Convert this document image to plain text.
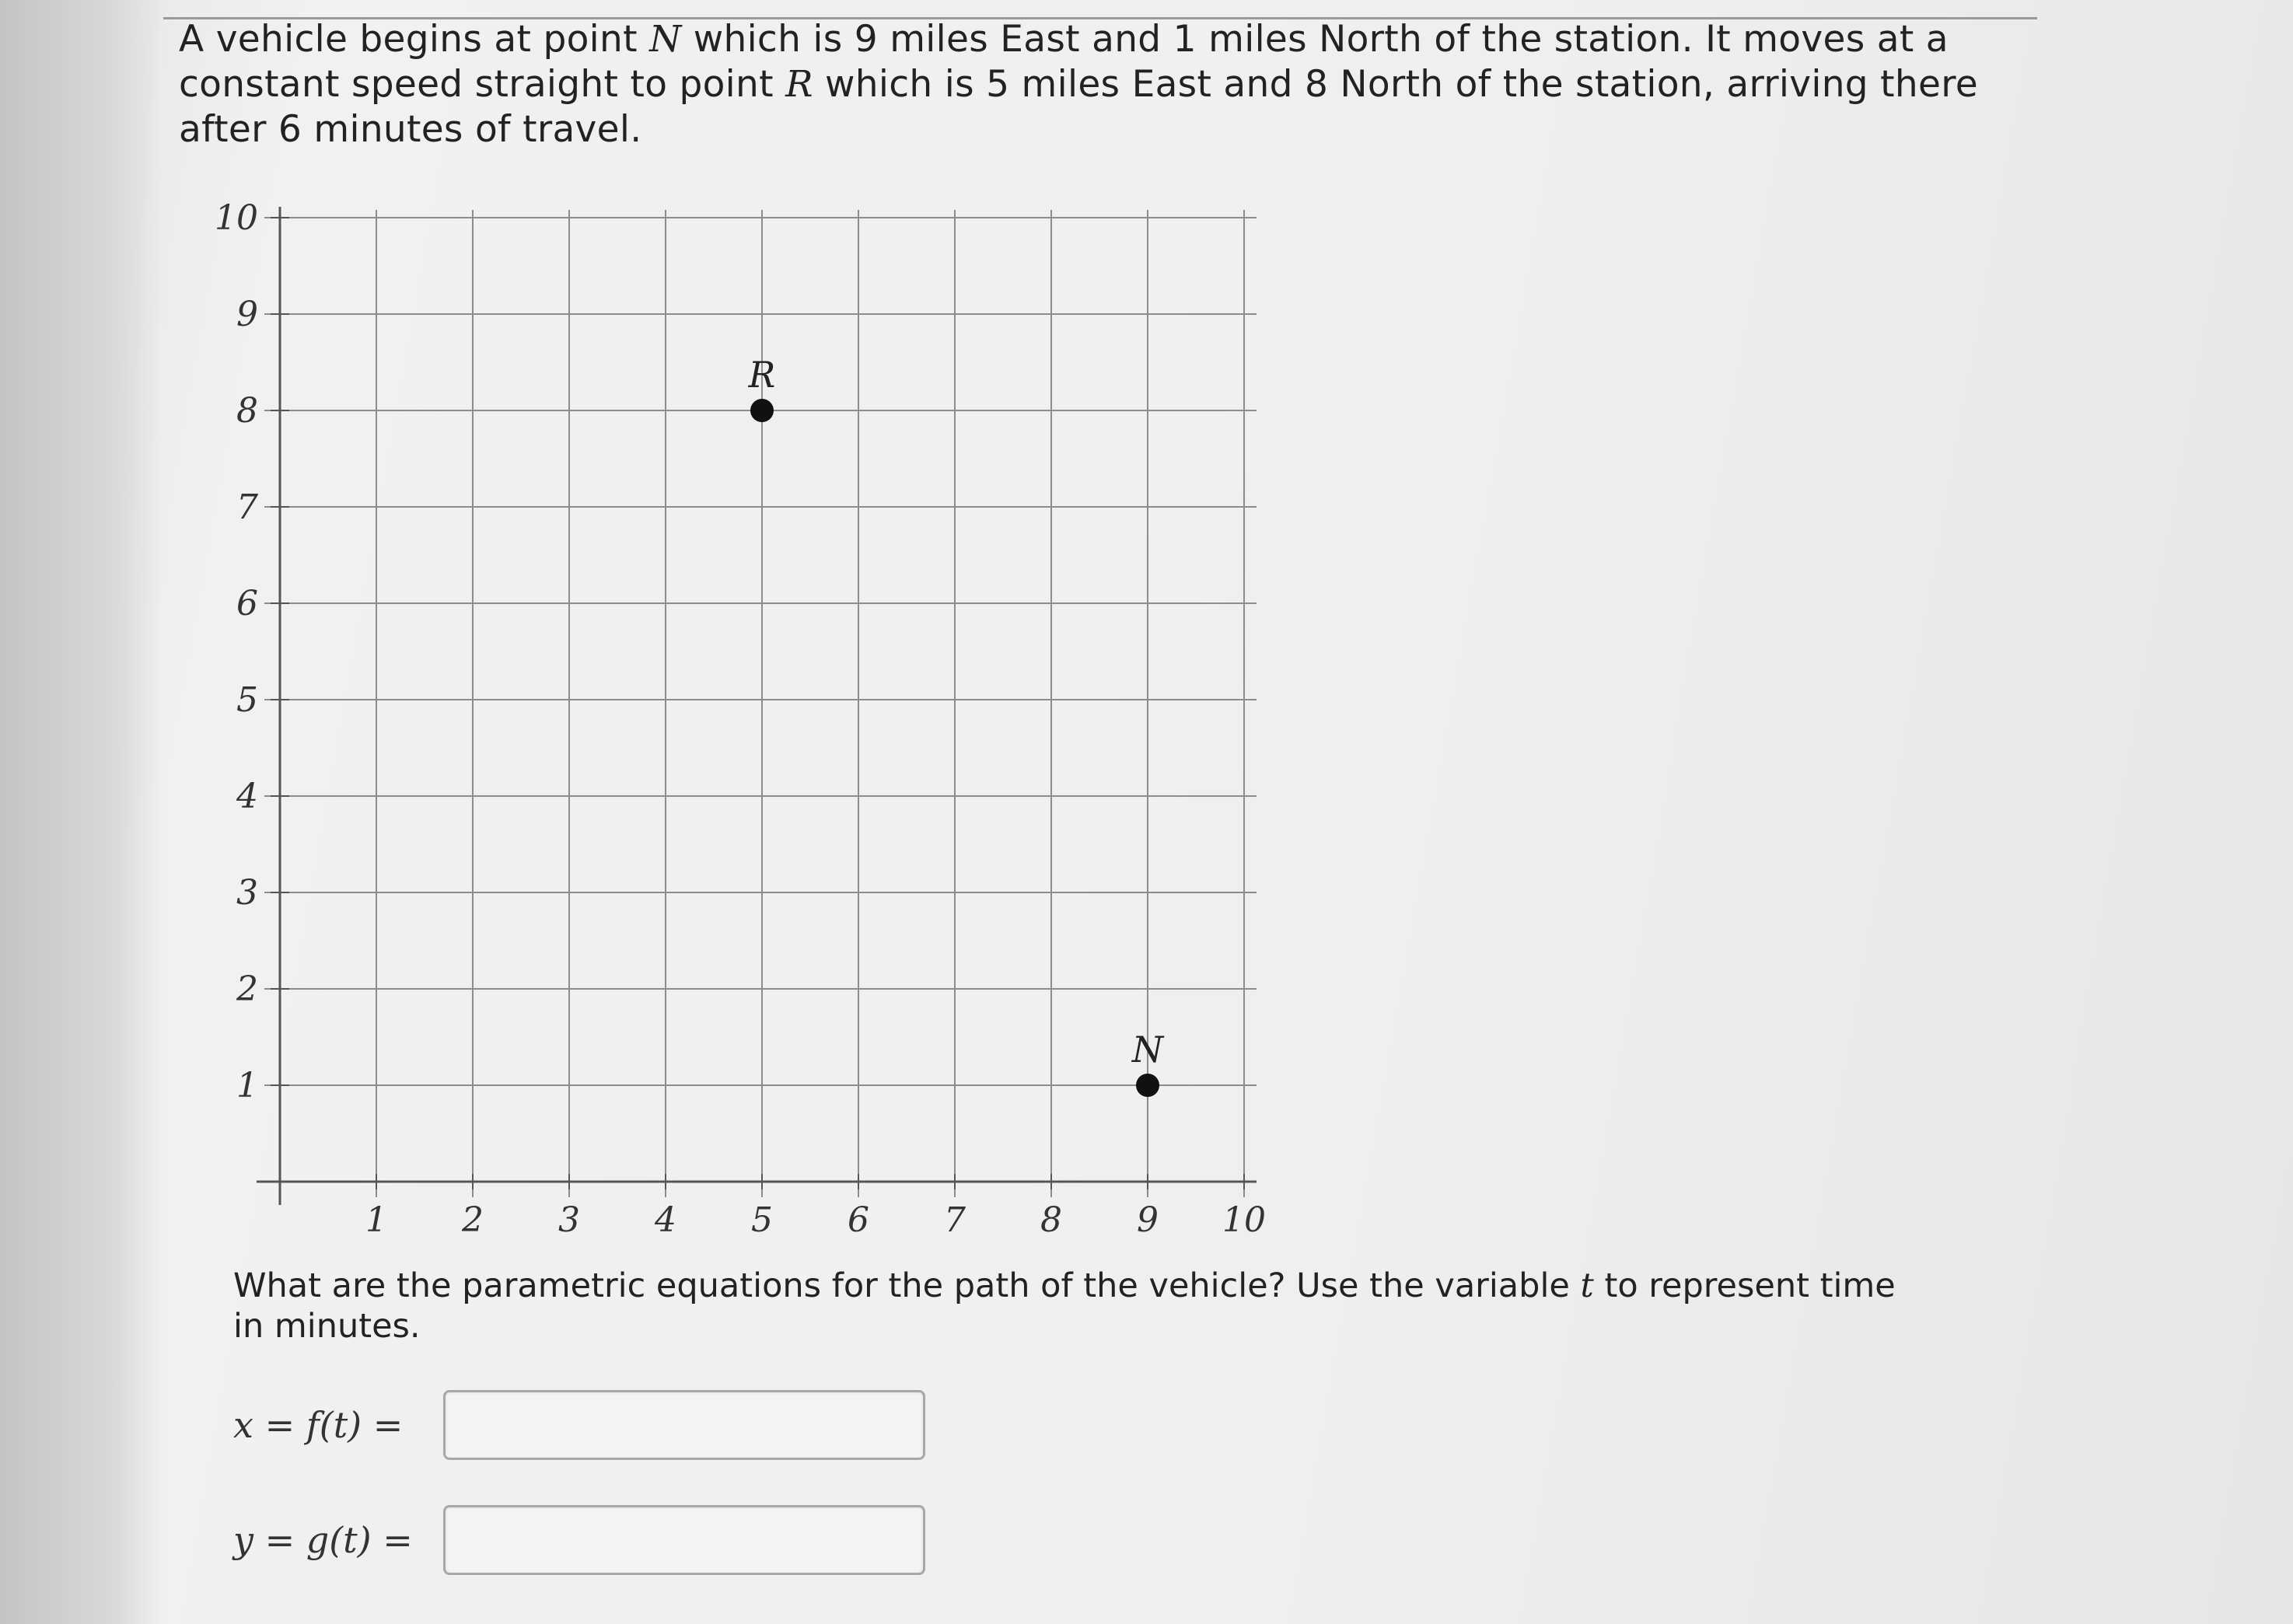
A vehicle begins at point N which is 9 miles East and 1 miles North of the station. It moves at a constant speed straight to point R which is 5 miles East and 8 North of the station, arriving there after 6 minutes of travel.
1 2 3 4 5 6 7 8 9 10
1
2
3
4
5
6
7
8
9
10
R
N
What are the parametric equations for the path of the vehicle? Use the variable t to represent time in minutes.
x = f(t) =
y = g(t) =
